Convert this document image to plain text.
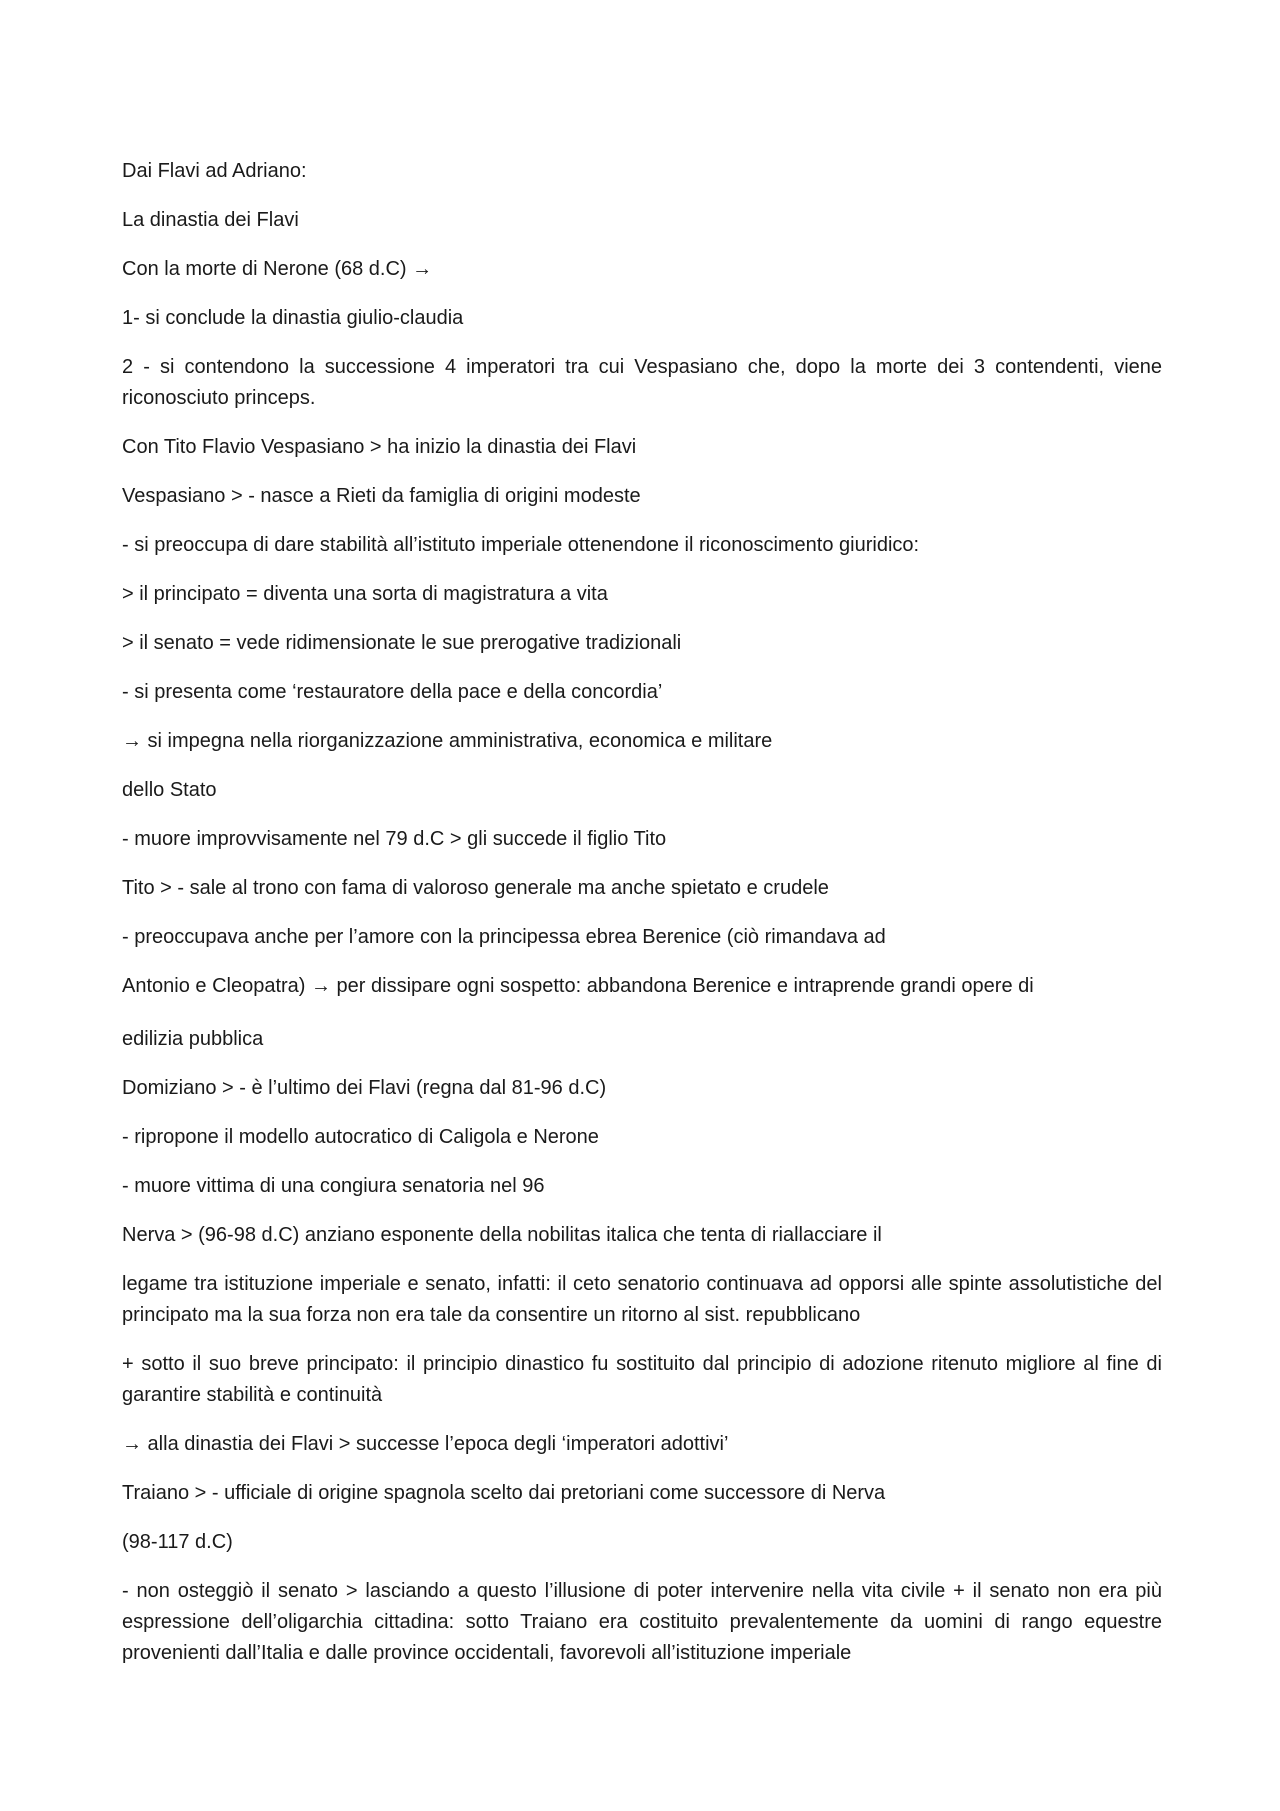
Dai Flavi ad Adriano:

La dinastia dei Flavi

Con la morte di Nerone (68 d.C) →

1- si conclude la dinastia giulio-claudia

2 - si contendono la successione 4 imperatori tra cui Vespasiano che, dopo la morte dei 3 contendenti, viene riconosciuto princeps.

Con Tito Flavio Vespasiano > ha inizio la dinastia dei Flavi

Vespasiano > - nasce a Rieti da famiglia di origini modeste

- si preoccupa di dare stabilità all’istituto imperiale ottenendone il riconoscimento giuridico:

> il principato = diventa una sorta di magistratura a vita

> il senato = vede ridimensionate le sue prerogative tradizionali

- si presenta come ‘restauratore della pace e della concordia’

→ si impegna nella riorganizzazione amministrativa, economica e militare

dello Stato

- muore improvvisamente nel 79 d.C > gli succede il figlio Tito

Tito > - sale al trono con fama di valoroso generale ma anche spietato e crudele

- preoccupava anche per l’amore con la principessa ebrea Berenice (ciò rimandava ad

Antonio e Cleopatra) → per dissipare ogni sospetto: abbandona Berenice e intraprende grandi opere di

edilizia pubblica

Domiziano > - è l’ultimo dei Flavi (regna dal 81-96 d.C)

- ripropone il modello autocratico di Caligola e Nerone

- muore vittima di una congiura senatoria nel 96

Nerva > (96-98 d.C) anziano esponente della nobilitas italica che tenta di riallacciare il

legame tra istituzione imperiale e senato, infatti: il ceto senatorio continuava ad opporsi alle spinte assolutistiche del principato ma la sua forza non era tale da consentire un ritorno al sist. repubblicano

+ sotto il suo breve principato: il principio dinastico fu sostituito dal principio di adozione ritenuto migliore al fine di garantire stabilità e continuità

→ alla dinastia dei Flavi > successe l’epoca degli ‘imperatori adottivi’

Traiano > - ufficiale di origine spagnola scelto dai pretoriani come successore di Nerva

(98-117 d.C)

- non osteggiò il senato > lasciando a questo l’illusione di poter intervenire nella vita civile + il senato non era più espressione dell’oligarchia cittadina: sotto Traiano era costituito prevalentemente da uomini di rango equestre provenienti dall’Italia e dalle province occidentali, favorevoli all’istituzione imperiale
